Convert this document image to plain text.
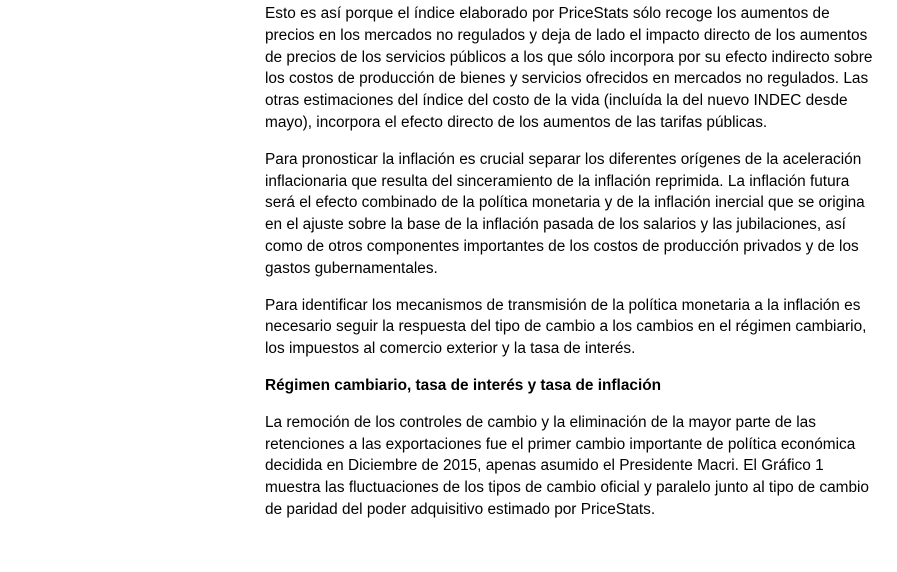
Esto es así porque el índice elaborado por PriceStats sólo recoge los aumentos de precios en los mercados no regulados y deja de lado el impacto directo de los aumentos de precios de los servicios públicos a los que sólo incorpora por su efecto indirecto sobre los costos de producción de bienes y servicios ofrecidos en mercados no regulados. Las otras estimaciones del índice del costo de la vida (incluída la del nuevo INDEC desde mayo), incorpora el efecto directo de los aumentos de las tarifas públicas.

Para pronosticar la inflación es crucial separar los diferentes orígenes de la aceleración inflacionaria que resulta del sinceramiento de la inflación reprimida. La inflación futura será el efecto combinado de la política monetaria y de la inflación inercial que se origina en el ajuste sobre la base de la inflación pasada de los salarios y las jubilaciones, así como de otros componentes importantes de los costos de producción privados y de los gastos gubernamentales.

Para identificar los mecanismos de transmisión de la política monetaria a la inflación es necesario seguir la respuesta del tipo de cambio a los cambios en el régimen cambiario, los impuestos al comercio exterior y la tasa de interés.

Régimen cambiario, tasa de interés y tasa de inflación

La remoción de los controles de cambio y la eliminación de la mayor parte de las retenciones a las exportaciones fue el primer cambio importante de política económica decidida en Diciembre de 2015, apenas asumido el Presidente Macri. El Gráfico 1 muestra las fluctuaciones de los tipos de cambio oficial y paralelo junto al tipo de cambio de paridad del poder adquisitivo estimado por PriceStats.
